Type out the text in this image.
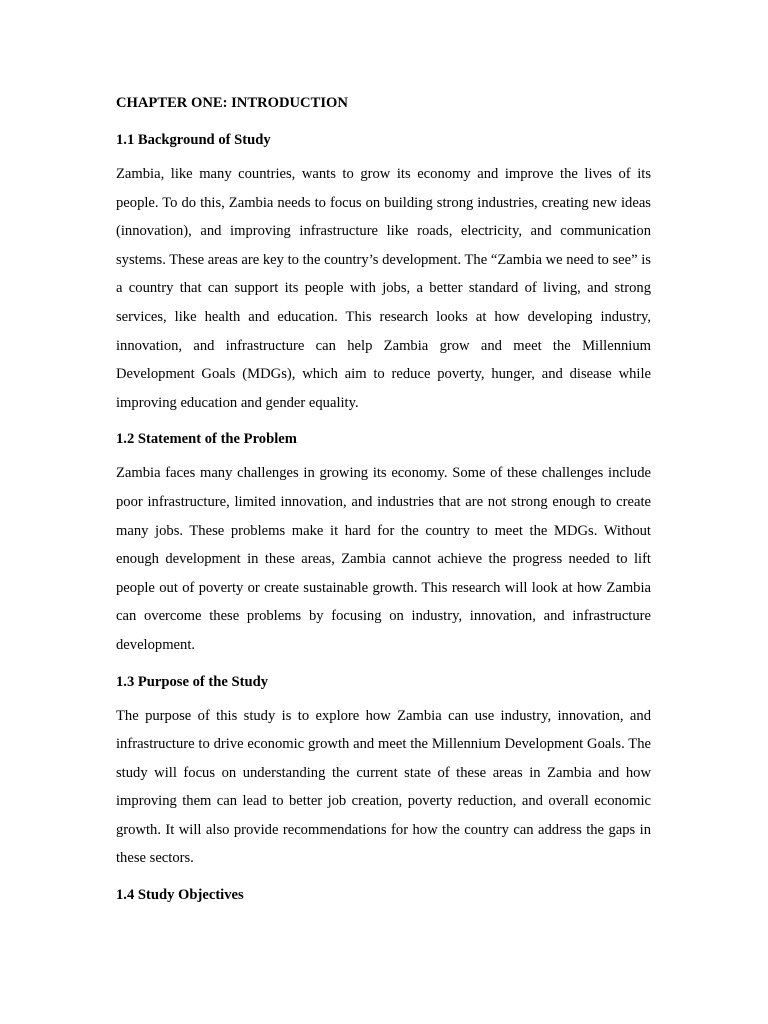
CHAPTER ONE: INTRODUCTION
1.1 Background of Study

Zambia, like many countries, wants to grow its economy and improve the lives of its people. To do this, Zambia needs to focus on building strong industries, creating new ideas (innovation), and improving infrastructure like roads, electricity, and communication systems. These areas are key to the country’s development. The “Zambia we need to see” is a country that can support its people with jobs, a better standard of living, and strong services, like health and education. This research looks at how developing industry, innovation, and infrastructure can help Zambia grow and meet the Millennium Development Goals (MDGs), which aim to reduce poverty, hunger, and disease while improving education and gender equality.

1.2 Statement of the Problem

Zambia faces many challenges in growing its economy. Some of these challenges include poor infrastructure, limited innovation, and industries that are not strong enough to create many jobs. These problems make it hard for the country to meet the MDGs. Without enough development in these areas, Zambia cannot achieve the progress needed to lift people out of poverty or create sustainable growth. This research will look at how Zambia can overcome these problems by focusing on industry, innovation, and infrastructure development.

1.3 Purpose of the Study

The purpose of this study is to explore how Zambia can use industry, innovation, and infrastructure to drive economic growth and meet the Millennium Development Goals. The study will focus on understanding the current state of these areas in Zambia and how improving them can lead to better job creation, poverty reduction, and overall economic growth. It will also provide recommendations for how the country can address the gaps in these sectors.

1.4 Study Objectives
